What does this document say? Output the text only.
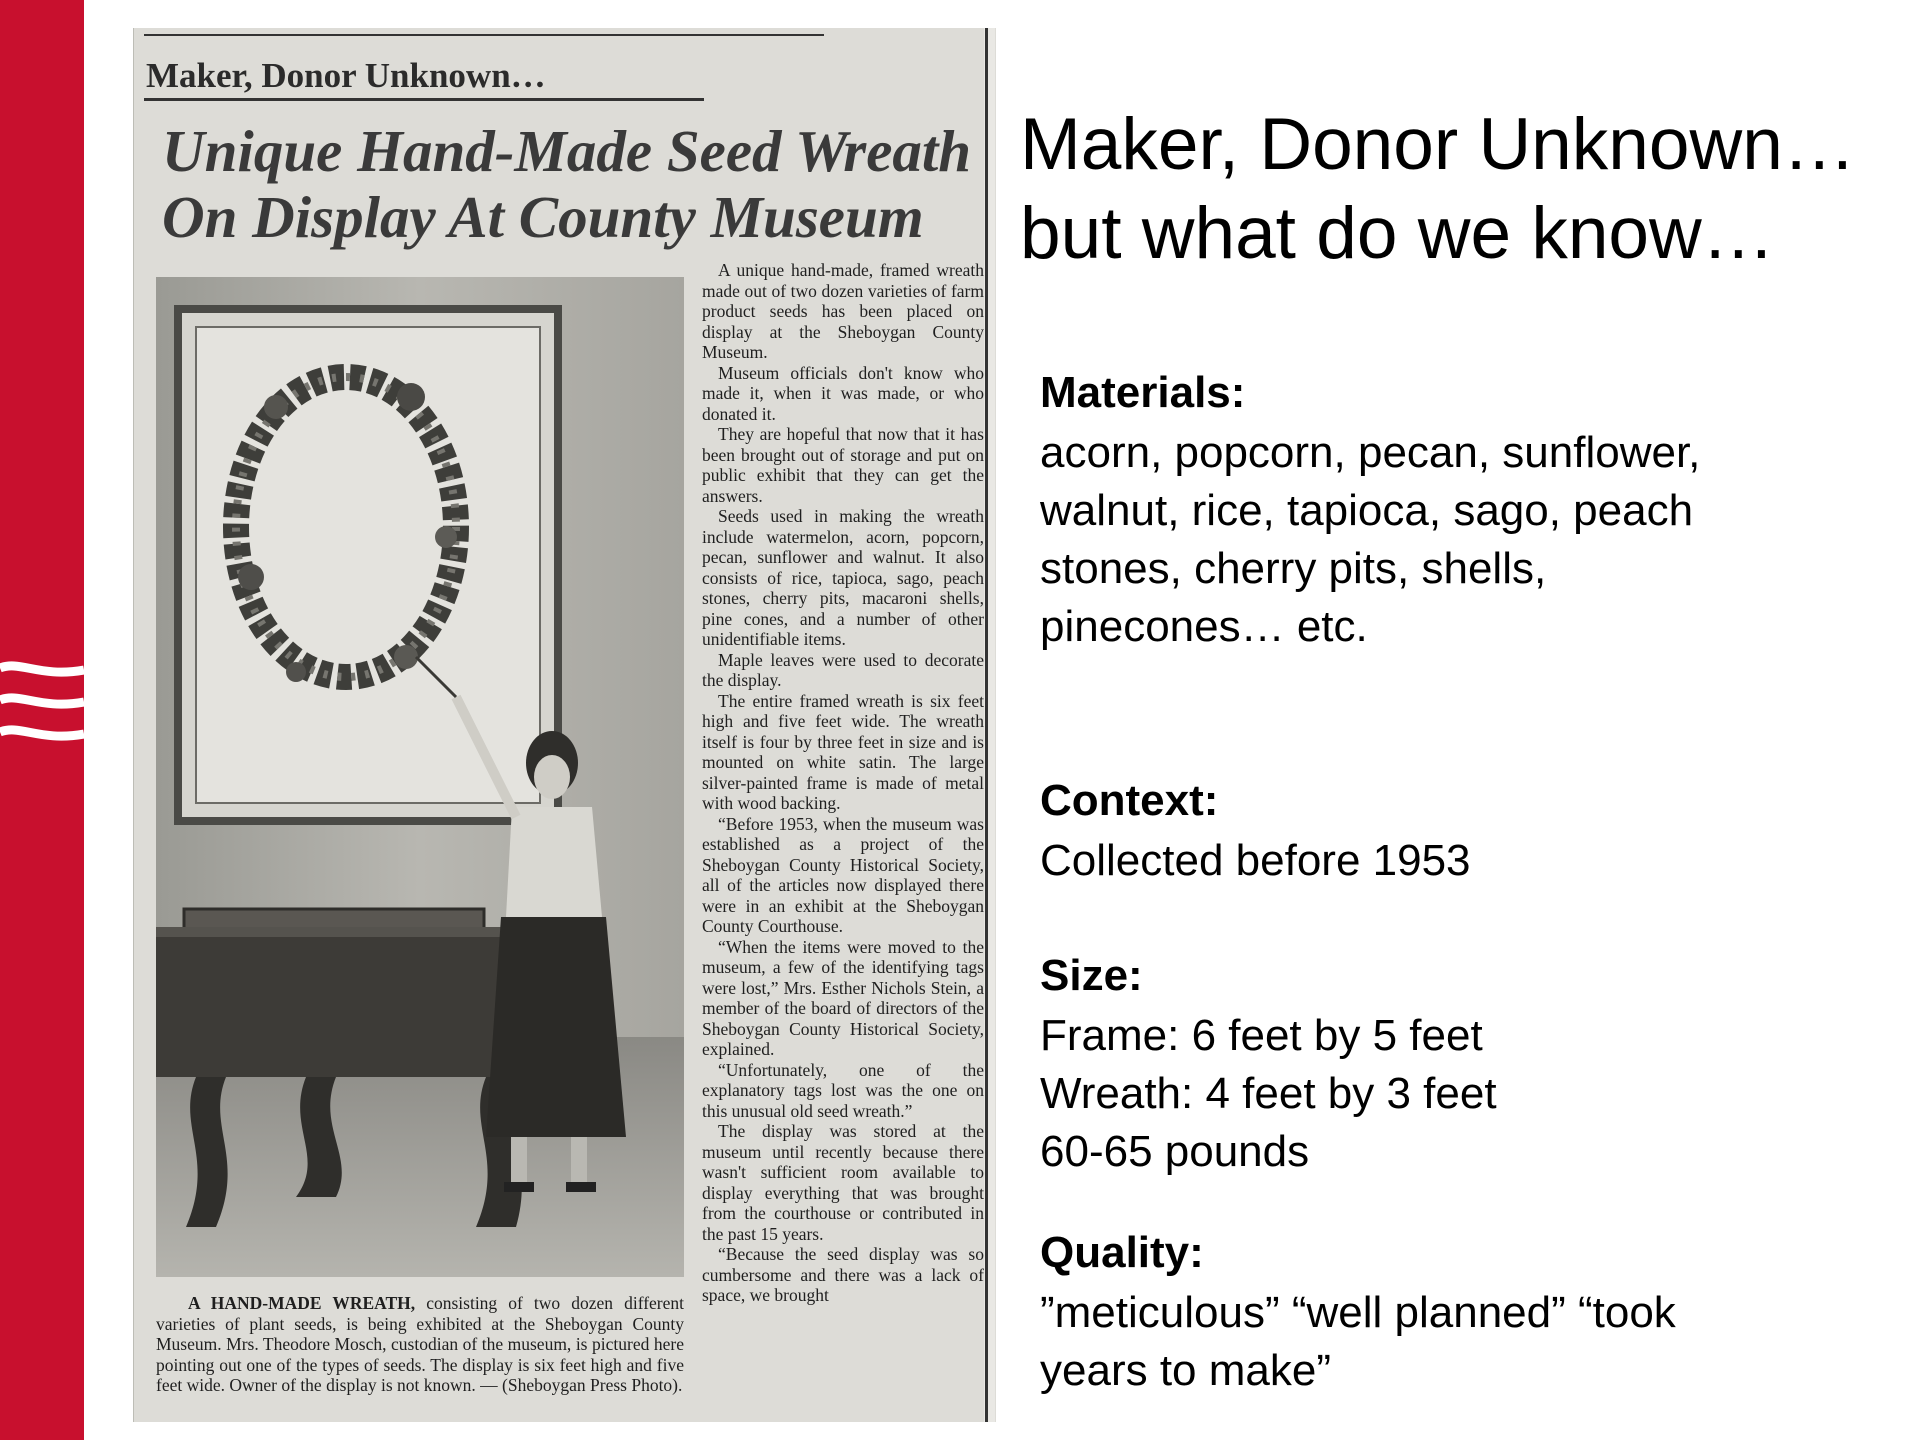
Maker, Donor Unknown…
Unique Hand-Made Seed Wreath
On Display At County Museum

A unique hand-made, framed wreath made out of two dozen varieties of farm product seeds has been placed on display at the Sheboygan County Museum.

Museum officials don't know who made it, when it was made, or who donated it.

They are hopeful that now that it has been brought out of storage and put on public exhibit that they can get the answers.

Seeds used in making the wreath include watermelon, acorn, popcorn, pecan, sunflower and walnut. It also consists of rice, tapioca, sago, peach stones, cherry pits, macaroni shells, pine cones, and a number of other unidentifiable items.

Maple leaves were used to decorate the display.

The entire framed wreath is six feet high and five feet wide. The wreath itself is four by three feet in size and is mounted on white satin. The large silver-painted frame is made of metal with wood backing.

“Before 1953, when the museum was established as a project of the Sheboygan County Historical Society, all of the articles now displayed there were in an exhibit at the Sheboygan County Courthouse.

“When the items were moved to the museum, a few of the identifying tags were lost,” Mrs. Esther Nichols Stein, a member of the board of directors of the Sheboygan County Historical Society, explained.

“Unfortunately, one of the explanatory tags lost was the one on this unusual old seed wreath.”

The display was stored at the museum until recently because there wasn't sufficient room available to display everything that was brought from the courthouse or contributed in the past 15 years.

“Because the seed display was so cumbersome and there was a lack of space, we brought

A HAND-MADE WREATH, consisting of two dozen different varieties of plant seeds, is being exhibited at the Sheboygan County Museum. Mrs. Theodore Mosch, custodian of the museum, is pictured here pointing out one of the types of seeds. The display is six feet high and five feet wide. Owner of the display is not known. — (Sheboygan Press Photo).

Maker, Donor Unknown…
but what do we know…
Materials:
acorn, popcorn, pecan, sunflower,
walnut, rice, tapioca, sago, peach
stones, cherry pits, shells,
pinecones… etc.
Context:
Collected before 1953
Size:
Frame: 6 feet by 5 feet
Wreath: 4 feet by 3 feet
60-65 pounds
Quality:
”meticulous” “well planned” “took
years to make”
